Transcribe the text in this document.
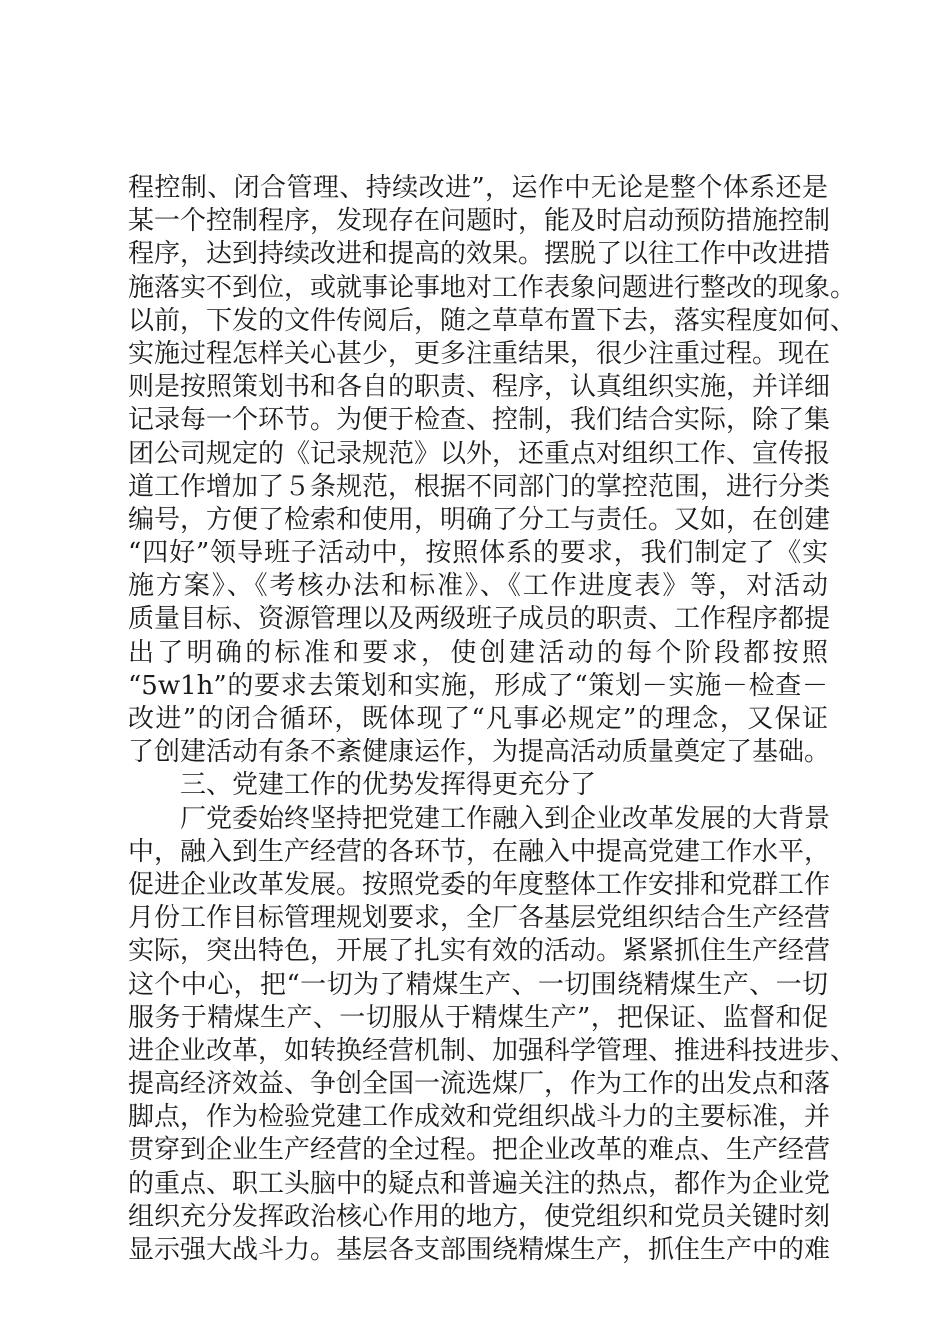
程控制、闭合管理、持续改进”，运作中无论是整个体系还是
某一个控制程序，发现存在问题时，能及时启动预防措施控制
程序，达到持续改进和提高的效果。摆脱了以往工作中改进措
施落实不到位，或就事论事地对工作表象问题进行整改的现象。
以前，下发的文件传阅后，随之草草布置下去，落实程度如何、
实施过程怎样关心甚少，更多注重结果，很少注重过程。现在
则是按照策划书和各自的职责、程序，认真组织实施，并详细
记录每一个环节。为便于检查、控制，我们结合实际，除了集
团公司规定的《记录规范》以外，还重点对组织工作、宣传报
道工作增加了５条规范，根据不同部门的掌控范围，进行分类
编号，方便了检索和使用，明确了分工与责任。又如，在创建
“四好”领导班子活动中，按照体系的要求，我们制定了《实
施方案》、《考核办法和标准》、《工作进度表》等，对活动
质量目标、资源管理以及两级班子成员的职责、工作程序都提
出了明确的标准和要求，使创建活动的每个阶段都按照
“5w1h”的要求去策划和实施，形成了“策划－实施－检查－
改进”的闭合循环，既体现了“凡事必规定”的理念，又保证
了创建活动有条不紊健康运作，为提高活动质量奠定了基础。
三、党建工作的优势发挥得更充分了
厂党委始终坚持把党建工作融入到企业改革发展的大背景
中，融入到生产经营的各环节，在融入中提高党建工作水平，
促进企业改革发展。按照党委的年度整体工作安排和党群工作
月份工作目标管理规划要求，全厂各基层党组织结合生产经营
实际，突出特色，开展了扎实有效的活动。紧紧抓住生产经营
这个中心，把“一切为了精煤生产、一切围绕精煤生产、一切
服务于精煤生产、一切服从于精煤生产”，把保证、监督和促
进企业改革，如转换经营机制、加强科学管理、推进科技进步、
提高经济效益、争创全国一流选煤厂，作为工作的出发点和落
脚点，作为检验党建工作成效和党组织战斗力的主要标准，并
贯穿到企业生产经营的全过程。把企业改革的难点、生产经营
的重点、职工头脑中的疑点和普遍关注的热点，都作为企业党
组织充分发挥政治核心作用的地方，使党组织和党员关键时刻
显示强大战斗力。基层各支部围绕精煤生产，抓住生产中的难
